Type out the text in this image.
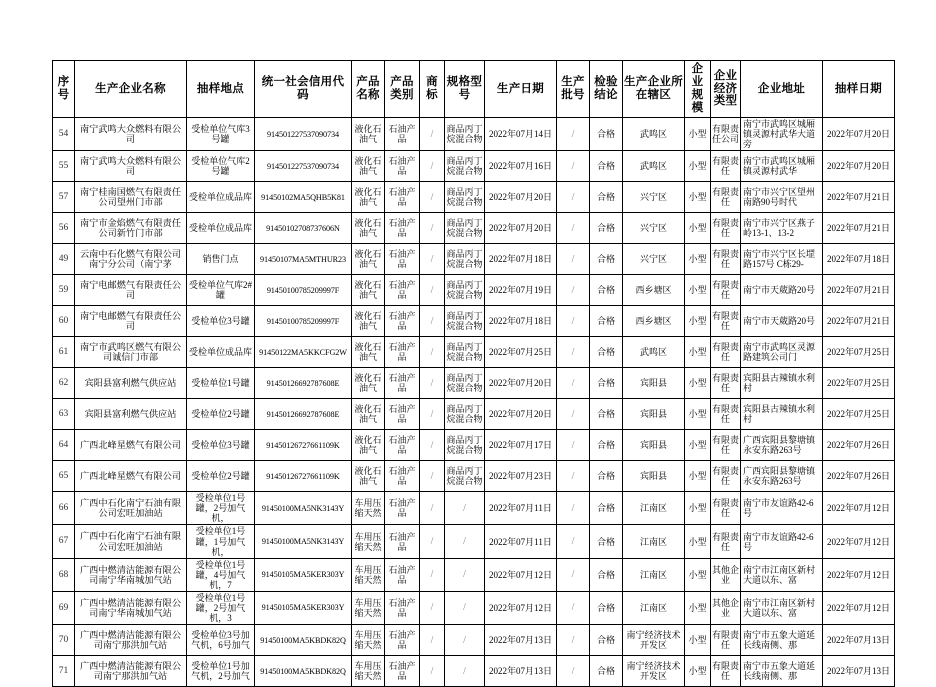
序号	生产企业名称	抽样地点	统一社会信用代码	产品名称	产品类别	商标	规格型号	生产日期	生产批号	检验结论	生产企业所在辖区	企业规模	企业经济类型	企业地址	抽样日期
54	南宁武鸣大众燃料有限公司	受检单位气库3号罐	914501227537090734	液化石油气	石油产品	/	商品丙丁烷混合物	2022年07月14日	/	合格	武鸣区	小型	有限责任公司	南宁市武鸣区城厢镇灵源村武华大道旁	2022年07月20日
55	南宁武鸣大众燃料有限公司	受检单位气库2号罐	914501227537090734	液化石油气	石油产品	/	商品丙丁烷混合物	2022年07月16日	/	合格	武鸣区	小型	有限责任	南宁市武鸣区城厢镇灵源村武华	2022年07月20日
57	南宁桂南国燃气有限责任公司望州门市部	受检单位成品库	91450102MA5QHB5K81	液化石油气	石油产品	/	商品丙丁烷混合物	2022年07月20日	/	合格	兴宁区	小型	有限责任	南宁市兴宁区望州南路90号时代	2022年07月21日
56	南宁市金焰燃气有限责任公司新竹门市部	受检单位成品库	91450102708737606N	液化石油气	石油产品	/	商品丙丁烷混合物	2022年07月20日	/	合格	兴宁区	小型	有限责任	南宁市兴宁区燕子岭13-1、13-2	2022年07月21日
49	云南中石化燃气有限公司南宁分公司（南宁茅	销售门点	91450107MA5MTHUR23	液化石油气	石油产品	/	商品丙丁烷混合物	2022年07月18日	/	合格	兴宁区	小型	有限责任	南宁市兴宁区长堽路157号 C栋29-	2022年07月18日
59	南宁电邮燃气有限责任公司	受检单位气库2#罐	91450100785209997F	液化石油气	石油产品	/	商品丙丁烷混合物	2022年07月19日	/	合格	西乡塘区	小型	有限责任	南宁市天葳路20号	2022年07月21日
60	南宁电邮燃气有限责任公司	受检单位3号罐	91450100785209997F	液化石油气	石油产品	/	商品丙丁烷混合物	2022年07月18日	/	合格	西乡塘区	小型	有限责任	南宁市天葳路20号	2022年07月21日
61	南宁市武鸣区燃气有限公司诚信门市部	受检单位成品库	91450122MA5KKCFG2W	液化石油气	石油产品	/	商品丙丁烷混合物	2022年07月25日	/	合格	武鸣区	小型	有限责任	南宁市武鸣区灵源路建筑公司门	2022年07月25日
62	宾阳县富利燃气供应站	受检单位1号罐	91450126692787608E	液化石油气	石油产品	/	商品丙丁烷混合物	2022年07月20日	/	合格	宾阳县	小型	有限责任	宾阳县古辣镇水利村	2022年07月25日
63	宾阳县富利燃气供应站	受检单位2号罐	91450126692787608E	液化石油气	石油产品	/	商品丙丁烷混合物	2022年07月20日	/	合格	宾阳县	小型	有限责任	宾阳县古辣镇水利村	2022年07月25日
64	广西北峰星燃气有限公司	受检单位3号罐	91450126727661109K	液化石油气	石油产品	/	商品丙丁烷混合物	2022年07月17日	/	合格	宾阳县	小型	有限责任	广西宾阳县黎塘镇永安东路263号	2022年07月26日
65	广西北峰星燃气有限公司	受检单位2号罐	91450126727661109K	液化石油气	石油产品	/	商品丙丁烷混合物	2022年07月23日	/	合格	宾阳县	小型	有限责任	广西宾阳县黎塘镇永安东路263号	2022年07月26日
66	广西中石化南宁石油有限公司宏旺加油站	受检单位1号罐，2号加气机，	91450100MA5NK3143Y	车用压缩天然	石油产品	/	/	2022年07月11日	/	合格	江南区	小型	有限责任	南宁市友谊路42-6号	2022年07月12日
67	广西中石化南宁石油有限公司宏旺加油站	受检单位1号罐，1号加气机，	91450100MA5NK3143Y	车用压缩天然	石油产品	/	/	2022年07月11日	/	合格	江南区	小型	有限责任	南宁市友谊路42-6号	2022年07月12日
68	广西中燃清洁能源有限公司南宁华南城加气站	受检单位1号罐，4号加气机，7	91450105MA5KER303Y	车用压缩天然	石油产品	/	/	2022年07月12日	/	合格	江南区	小型	其他企业	南宁市江南区新村大道以东、富	2022年07月12日
69	广西中燃清洁能源有限公司南宁华南城加气站	受检单位1号罐，2号加气机，3	91450105MA5KER303Y	车用压缩天然	石油产品	/	/	2022年07月12日	/	合格	江南区	小型	其他企业	南宁市江南区新村大道以东、富	2022年07月12日
70	广西中燃清洁能源有限公司南宁那洪加气站	受检单位3号加气机，6号加气	91450100MA5KBDK82Q	车用压缩天然	石油产品	/	/	2022年07月13日	/	合格	南宁经济技术开发区	小型	有限责任	南宁市五象大道延长线南侧、那	2022年07月13日
71	广西中燃清洁能源有限公司南宁那洪加气站	受检单位1号加气机，2号加气	91450100MA5KBDK82Q	车用压缩天然	石油产品	/	/	2022年07月13日	/	合格	南宁经济技术开发区	小型	有限责任	南宁市五象大道延长线南侧、那	2022年07月13日
